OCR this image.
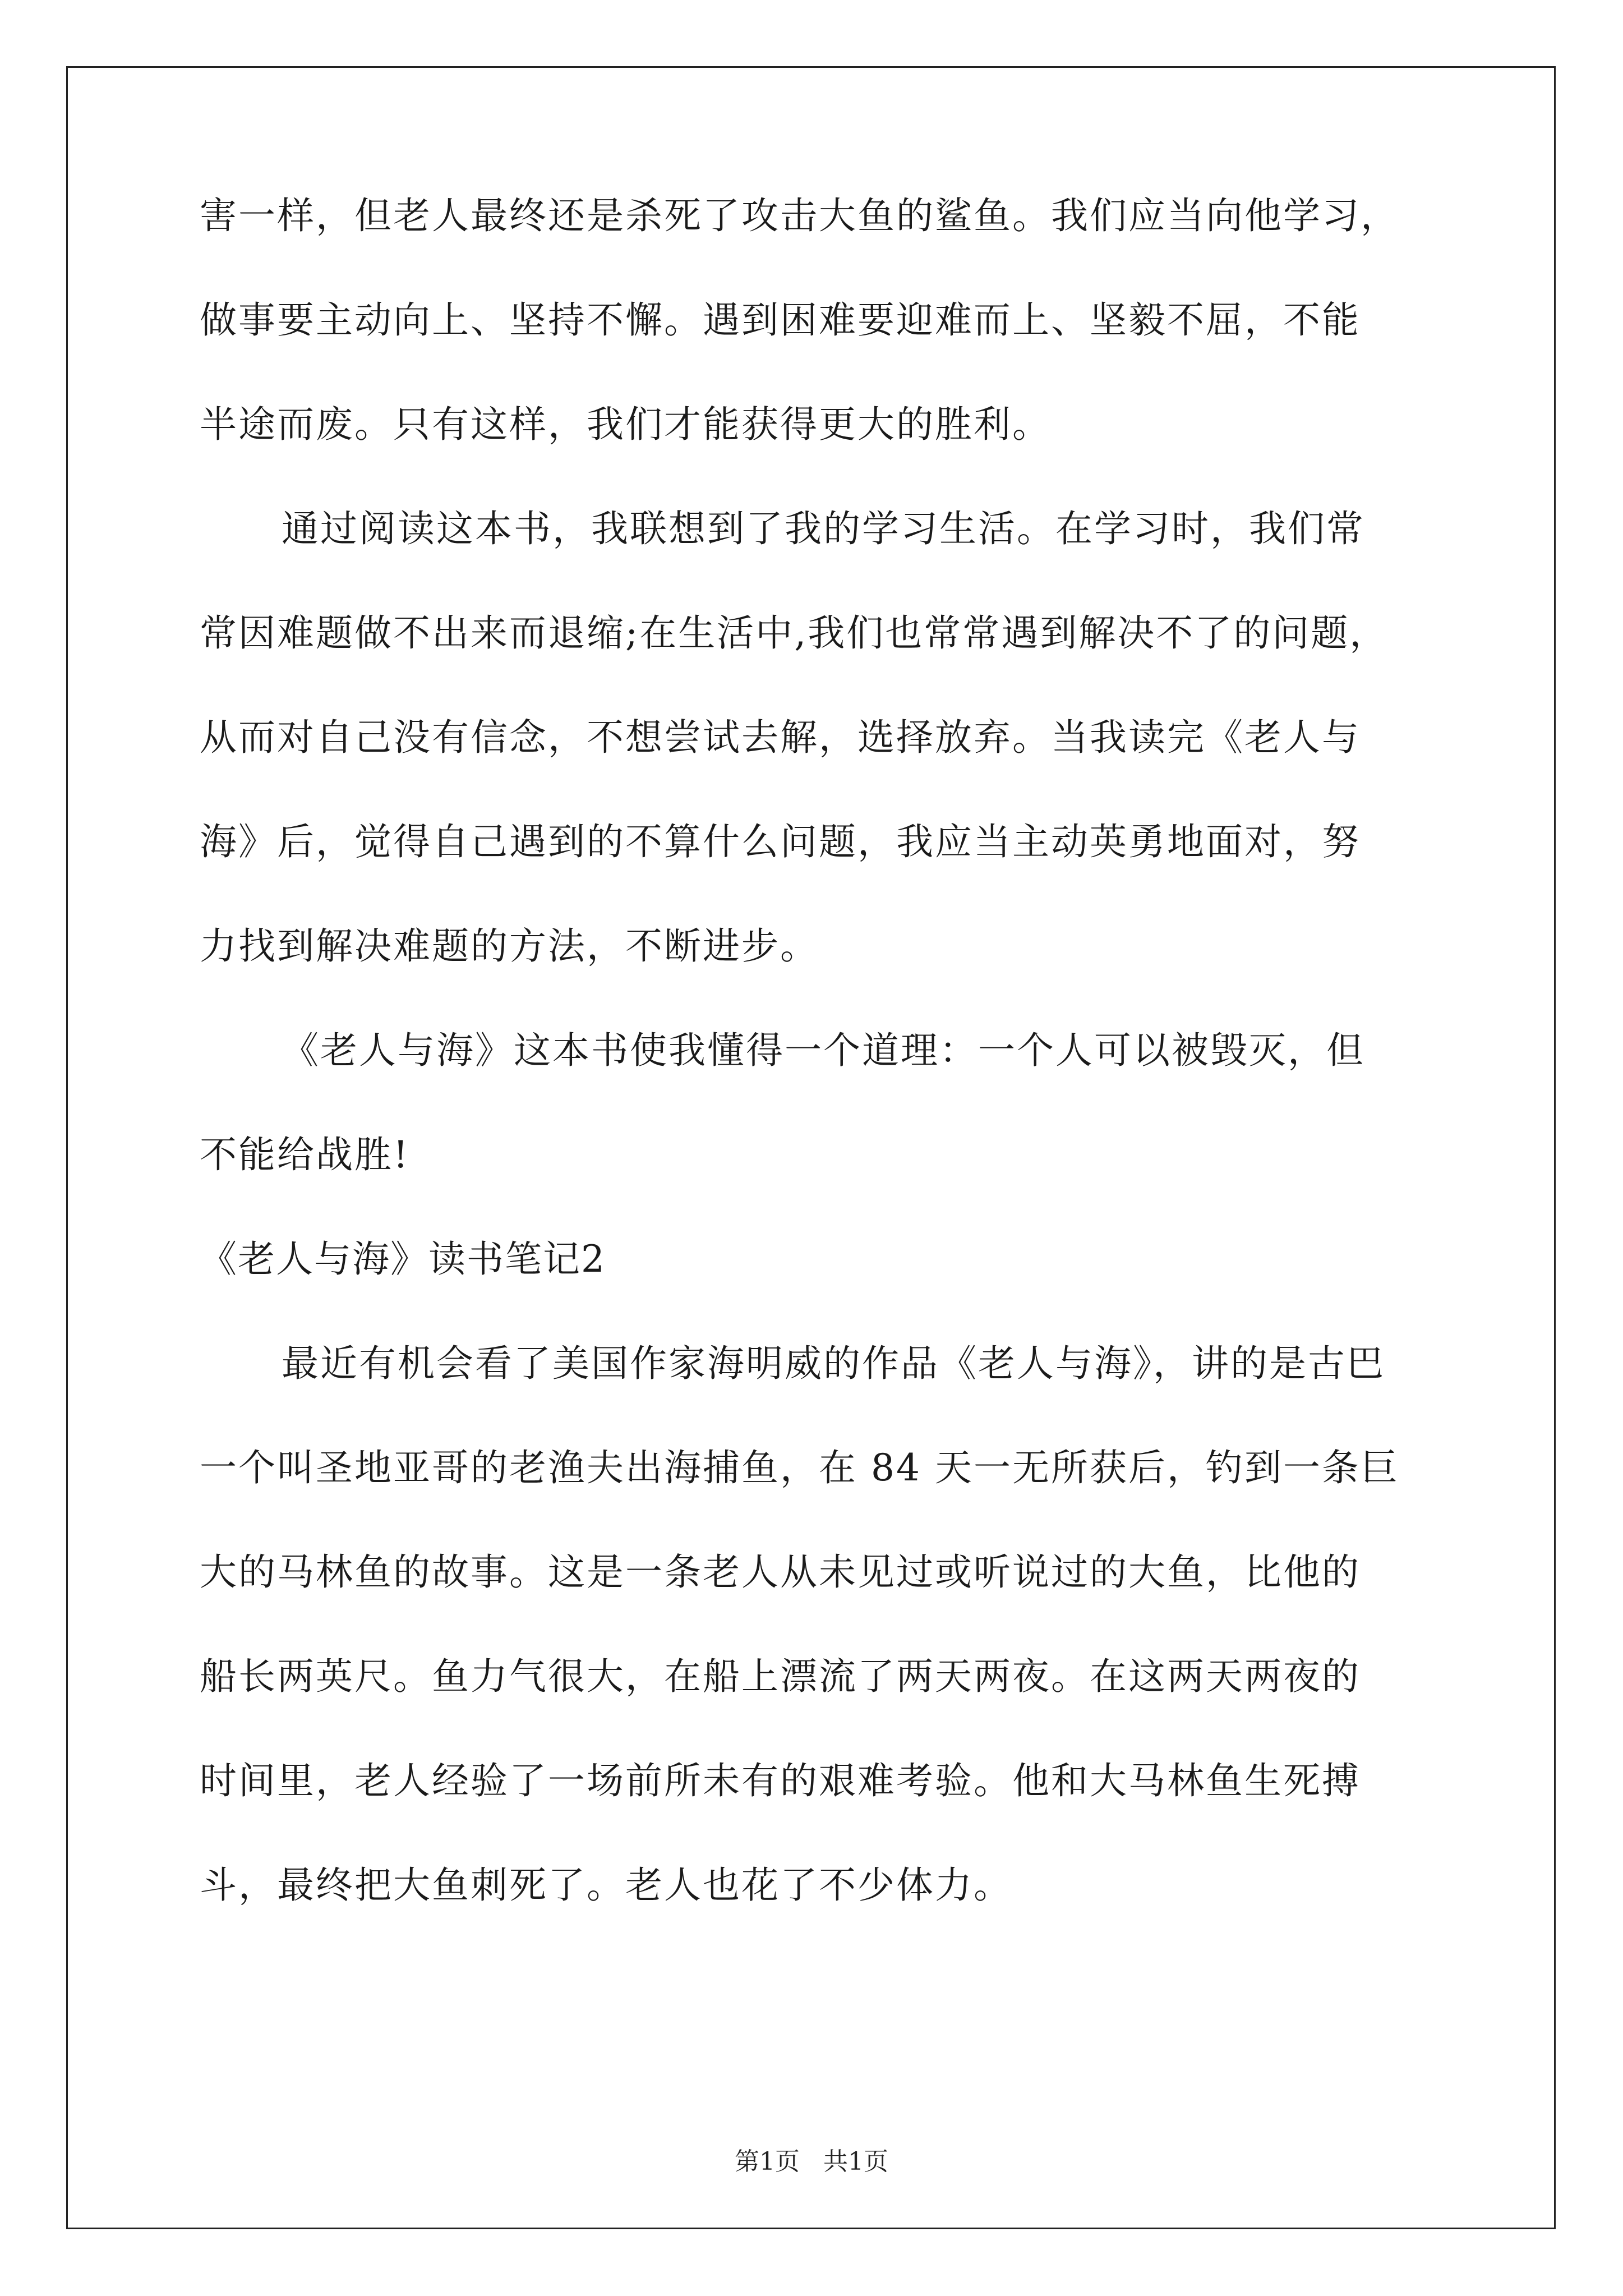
害一样，但老人最终还是杀死了攻击大鱼的鲨鱼。我们应当向他学习，
做事要主动向上、坚持不懈。遇到困难要迎难而上、坚毅不屈，不能
半途而废。只有这样，我们才能获得更大的胜利。
通过阅读这本书，我联想到了我的学习生活。在学习时，我们常
常因难题做不出来而退缩;在生活中,我们也常常遇到解决不了的问题，
从而对自己没有信念，不想尝试去解，选择放弃。当我读完《老人与
海》后，觉得自己遇到的不算什么问题，我应当主动英勇地面对，努
力找到解决难题的方法，不断进步。
《老人与海》这本书使我懂得一个道理：一个人可以被毁灭，但
不能给战胜!
《老人与海》读书笔记2
最近有机会看了美国作家海明威的作品《老人与海》，讲的是古巴
一个叫圣地亚哥的老渔夫出海捕鱼，在 84 天一无所获后，钓到一条巨
大的马林鱼的故事。这是一条老人从未见过或听说过的大鱼，比他的
船长两英尺。鱼力气很大，在船上漂流了两天两夜。在这两天两夜的
时间里，老人经验了一场前所未有的艰难考验。他和大马林鱼生死搏
斗，最终把大鱼刺死了。老人也花了不少体力。
第1页   共1页
